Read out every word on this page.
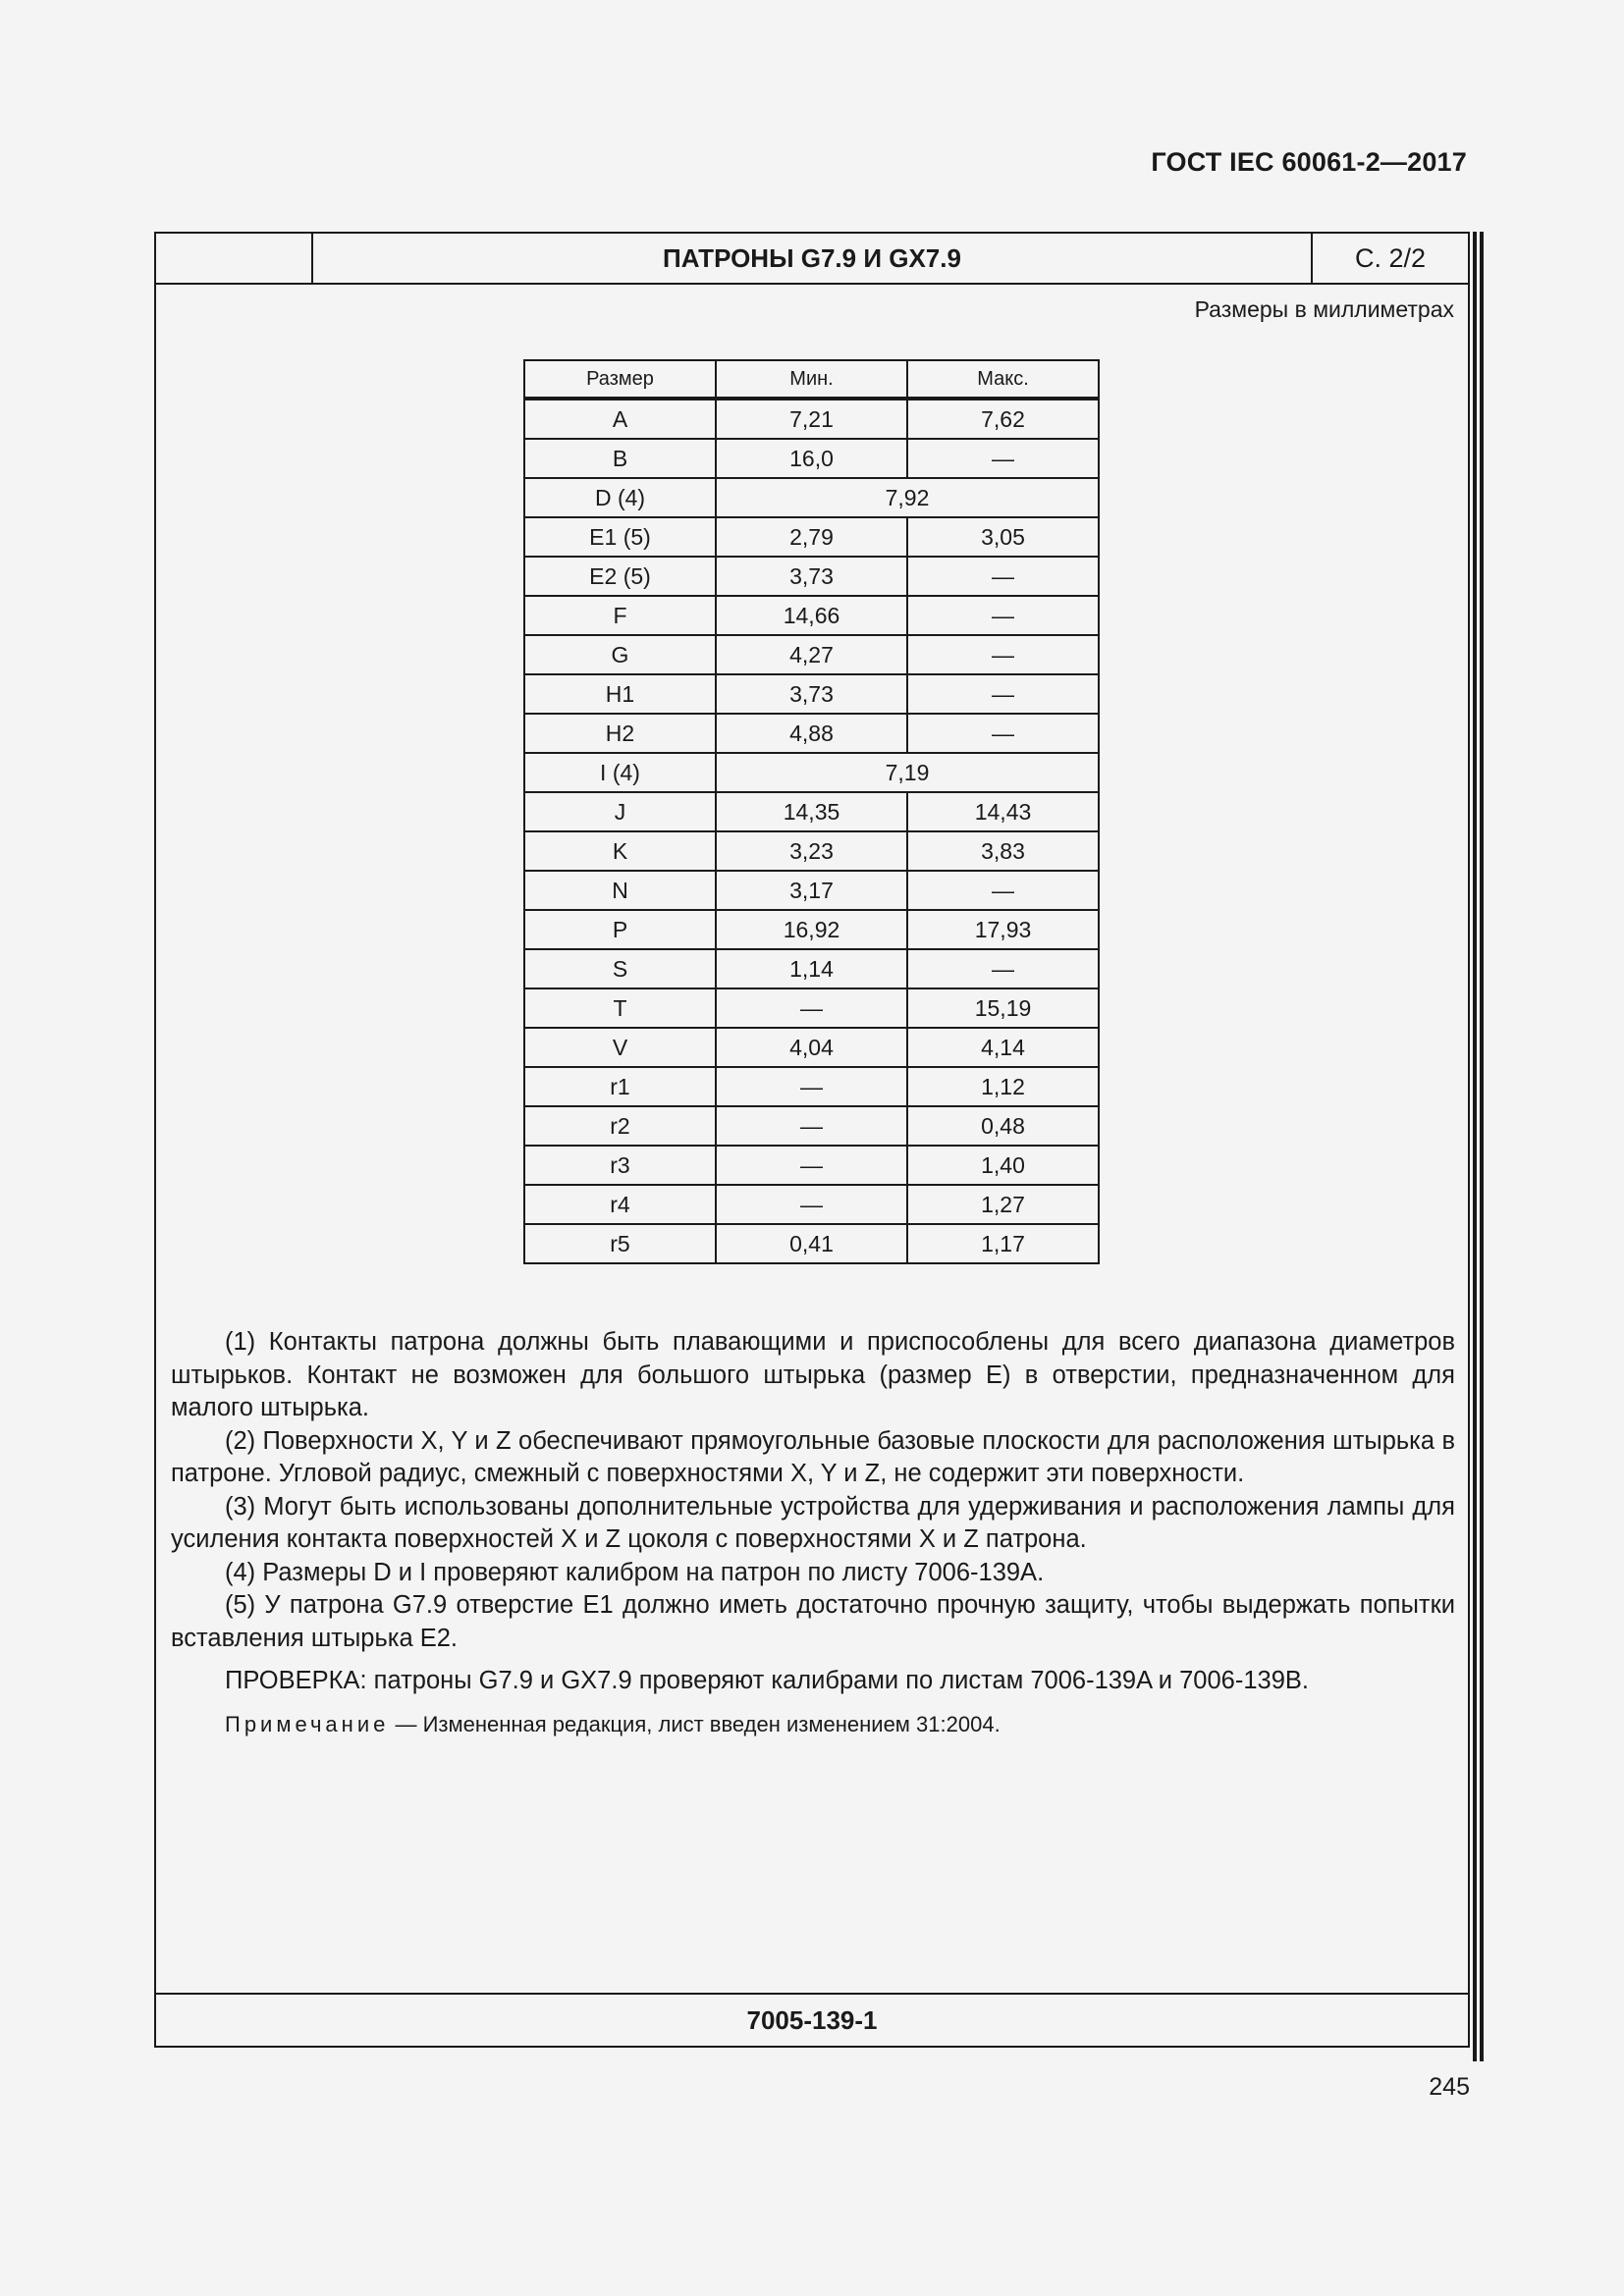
ГОСТ IEC 60061-2—2017
ПАТРОНЫ G7.9 И GX7.9	С. 2/2
Размеры в миллиметрах
Размер	Мин.	Макс.
A	7,21	7,62
B	16,0	—
D (4)	7,92	
E1 (5)	2,79	3,05
E2 (5)	3,73	—
F	14,66	—
G	4,27	—
H1	3,73	—
H2	4,88	—
I (4)	7,19	
J	14,35	14,43
K	3,23	3,83
N	3,17	—
P	16,92	17,93
S	1,14	—
T	—	15,19
V	4,04	4,14
r1	—	1,12
r2	—	0,48
r3	—	1,40
r4	—	1,27
r5	0,41	1,17

(1) Контакты патрона должны быть плавающими и приспособлены для всего диапазона диаметров штырьков. Контакт не возможен для большого штырька (размер E) в отверстии, предназначенном для малого штырька.

(2) Поверхности X, Y и Z обеспечивают прямоугольные базовые плоскости для расположения штырька в патроне. Угловой радиус, смежный с поверхностями X, Y и Z, не содержит эти поверхности.

(3) Могут быть использованы дополнительные устройства для удерживания и расположения лампы для усиления контакта поверхностей X и Z цоколя с поверхностями X и Z патрона.

(4) Размеры D и I проверяют калибром на патрон по листу 7006-139A.

(5) У патрона G7.9 отверстие E1 должно иметь достаточно прочную защиту, чтобы выдержать попытки вставления штырька E2.

ПРОВЕРКА: патроны G7.9 и GX7.9 проверяют калибрами по листам 7006-139A и 7006-139B.

Примечание — Измененная редакция, лист введен изменением 31:2004.

7005-139-1
245
